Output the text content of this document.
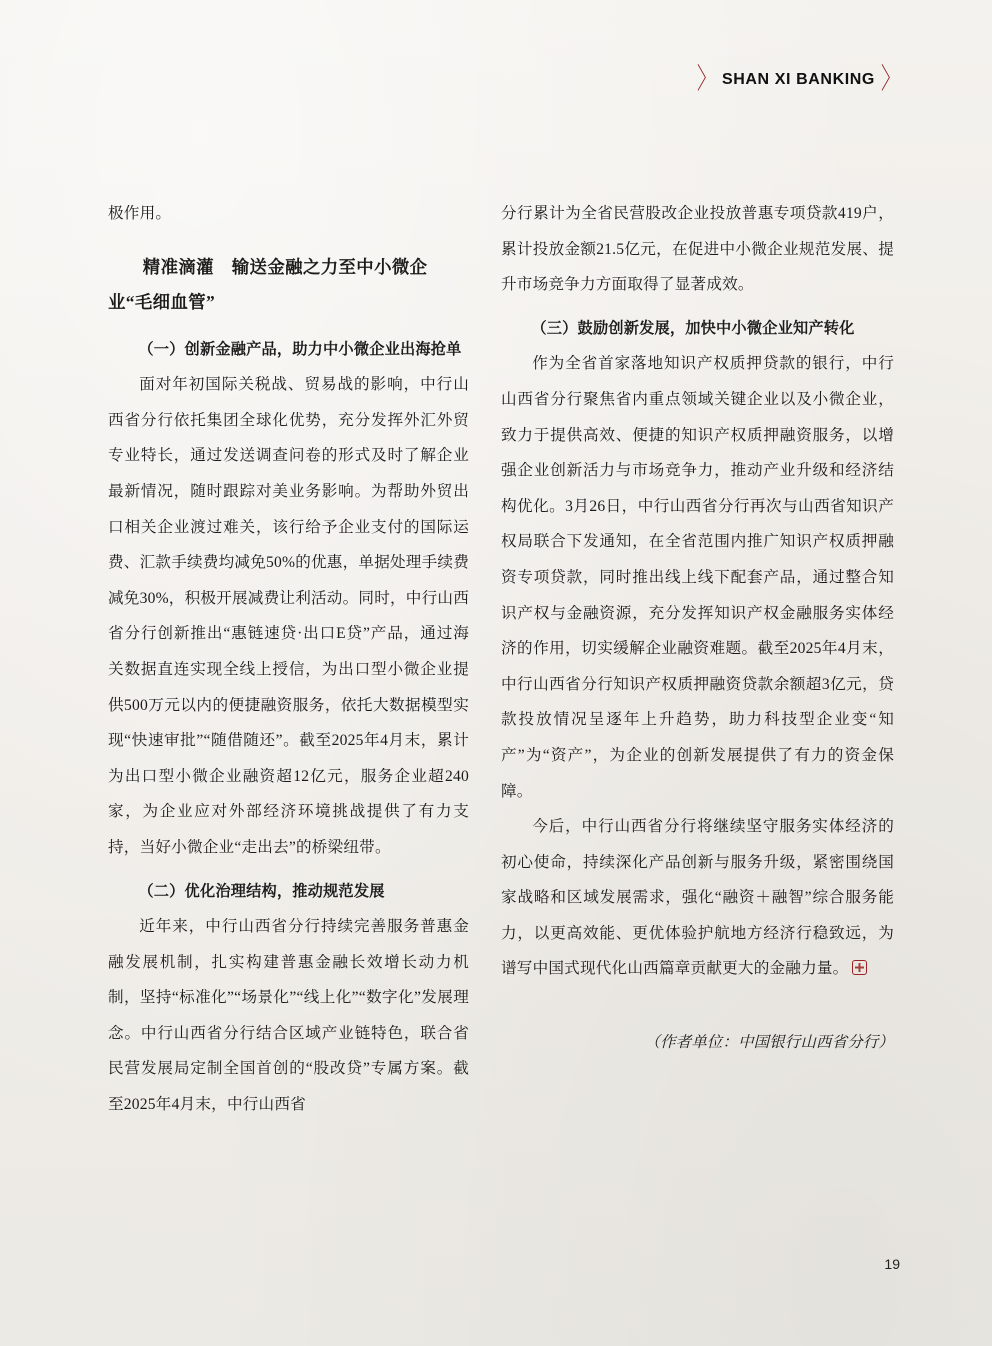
〉 SHAN XI BANKING 〉

极作用。

精准滴灌　输送金融之力至中小微企业“毛细血管”
（一）创新金融产品，助力中小微企业出海抢单

面对年初国际关税战、贸易战的影响，中行山西省分行依托集团全球化优势，充分发挥外汇外贸专业特长，通过发送调查问卷的形式及时了解企业最新情况，随时跟踪对美业务影响。为帮助外贸出口相关企业渡过难关，该行给予企业支付的国际运费、汇款手续费均减免50%的优惠，单据处理手续费减免30%，积极开展减费让利活动。同时，中行山西省分行创新推出“惠链速贷·出口E贷”产品，通过海关数据直连实现全线上授信，为出口型小微企业提供500万元以内的便捷融资服务，依托大数据模型实现“快速审批”“随借随还”。截至2025年4月末，累计为出口型小微企业融资超12亿元，服务企业超240家，为企业应对外部经济环境挑战提供了有力支持，当好小微企业“走出去”的桥梁纽带。

（二）优化治理结构，推动规范发展

近年来，中行山西省分行持续完善服务普惠金融发展机制，扎实构建普惠金融长效增长动力机制，坚持“标准化”“场景化”“线上化”“数字化”发展理念。中行山西省分行结合区域产业链特色，联合省民营发展局定制全国首创的“股改贷”专属方案。截至2025年4月末，中行山西省

分行累计为全省民营股改企业投放普惠专项贷款419户，累计投放金额21.5亿元，在促进中小微企业规范发展、提升市场竞争力方面取得了显著成效。

（三）鼓励创新发展，加快中小微企业知产转化

作为全省首家落地知识产权质押贷款的银行，中行山西省分行聚焦省内重点领域关键企业以及小微企业，致力于提供高效、便捷的知识产权质押融资服务，以增强企业创新活力与市场竞争力，推动产业升级和经济结构优化。3月26日，中行山西省分行再次与山西省知识产权局联合下发通知，在全省范围内推广知识产权质押融资专项贷款，同时推出线上线下配套产品，通过整合知识产权与金融资源，充分发挥知识产权金融服务实体经济的作用，切实缓解企业融资难题。截至2025年4月末，中行山西省分行知识产权质押融资贷款余额超3亿元，贷款投放情况呈逐年上升趋势，助力科技型企业变“知产”为“资产”，为企业的创新发展提供了有力的资金保障。

今后，中行山西省分行将继续坚守服务实体经济的初心使命，持续深化产品创新与服务升级，紧密围绕国家战略和区域发展需求，强化“融资＋融智”综合服务能力，以更高效能、更优体验护航地方经济行稳致远，为谱写中国式现代化山西篇章贡献更大的金融力量。

（作者单位：中国银行山西省分行）

19
